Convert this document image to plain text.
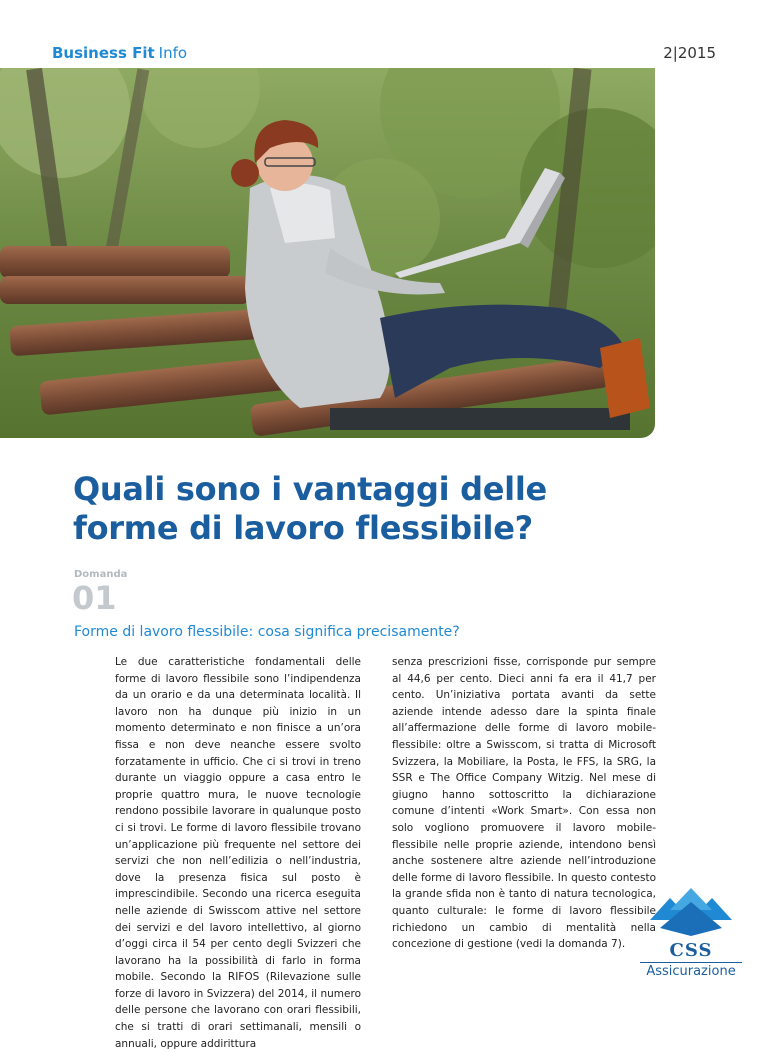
Business Fit Info	2|2015
Quali sono i vantaggi delle forme di lavoro flessibile?
Domanda
01
Forme di lavoro flessibile: cosa significa precisamente?

Le due caratteristiche fondamentali delle forme di lavoro flessibile sono l’indipendenza da un orario e da una determinata località. Il lavoro non ha dunque più inizio in un momento determinato e non finisce a un’ora fissa e non deve neanche essere svolto forzatamente in ufficio. Che ci si trovi in treno durante un viaggio oppure a casa entro le proprie quattro mura, le nuove tecnologie rendono possibile lavorare in qualunque posto ci si trovi. Le forme di lavoro flessibile trovano un’applicazione più frequente nel settore dei servizi che non nell’edilizia o nell’industria, dove la presenza fisica sul posto è imprescindibile. Secondo una ricerca eseguita nelle aziende di Swisscom attive nel settore dei servizi e del lavoro intellettivo, al giorno d’oggi circa il 54 per cento degli Svizzeri che lavorano ha la possibilità di farlo in forma mobile. Secondo la RIFOS (Rilevazione sulle forze di lavoro in Svizzera) del 2014, il numero delle persone che lavorano con orari flessibili, che si tratti di orari settimanali, mensili o annuali, oppure addirittura

senza prescrizioni fisse, corrisponde pur sempre al 44,6 per cento. Dieci anni fa era il 41,7 per cento. Un’iniziativa portata avanti da sette aziende intende adesso dare la spinta finale all’affermazione delle forme di lavoro mobile-flessibile: oltre a Swisscom, si tratta di Microsoft Svizzera, la Mobiliare, la Posta, le FFS, la SRG, la SSR e The Office Company Witzig. Nel mese di giugno hanno sottoscritto la dichiarazione comune d’intenti «Work Smart». Con essa non solo vogliono promuovere il lavoro mobile-flessibile nelle proprie aziende, intendono bensì anche sostenere altre aziende nell’introduzione delle forme di lavoro flessibile. In questo contesto la grande sfida non è tanto di natura tecnologica, quanto culturale: le forme di lavoro flessibile richiedono un cambio di mentalità nella concezione di gestione (vedi la domanda 7).	CSS
Assicurazione
